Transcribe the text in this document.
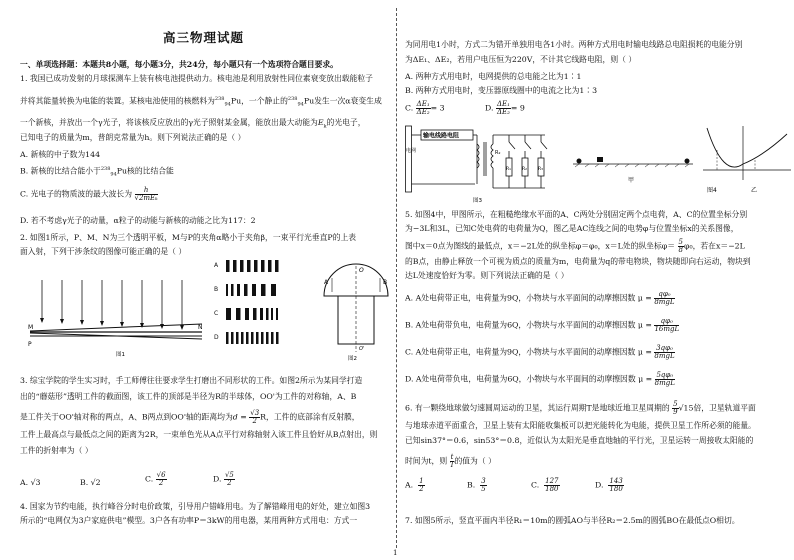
高三物理试题
一、单项选择题：本题共8小题，每小题3分，共24分，每小题只有一个选项符合题目要求。
1. 我国已成功发射的月球探测车上装有核电池提供动力。核电池是利用放射性同位素衰变放出载能粒子
并将其能量转换为电能的装置。某核电池使用的核燃料为$^{238}_{94}$Pu，一个静止的$^{238}_{94}$Pu发生一次α衰变生成
一个新核，并放出一个γ光子，将该核反应放出的γ光子照射某金属，能放出最大动能为$E_k$的光电子，
已知电子的质量为m，普朗克常量为h。则下列说法正确的是（ ）
A. 新核的中子数为144
B. 新核的比结合能小于$^{238}_{94}$Pu核的比结合能
C. 光电子的物质波的最大波长为 $\frac{h}{\text{√2mEₖ}}$
D. 若不考虑γ光子的动量，α粒子的动能与新核的动能之比为117：2
2. 如图1所示，P、M、N为三个透明平板，M与P的夹角α略小于夹角β，一束平行光垂直P的上表
面入射，下列干涉条纹的图像可能正确的是（ ）
M	N
P
图1
A
B
C
D
O
A	B
O'
图2
3. 综宝学院的学生实习时，手工师傅往往要求学生打磨出不同形状的工件。如图2所示为某同学打造
出的“蘑菇形”透明工件的截面图，该工件的顶部是半径为R的半球体，OO'为工件的对称轴，A、B
是工件关于OO'轴对称的两点，A、B两点到OO'轴的距离均为$d = \frac{√3}{2}$ R，工件的底部涂有反射膜，
工件上最高点与最低点之间的距离为2R，一束单色光从A点平行对称轴射入该工件且恰好从B点射出，则
工件的折射率为（ ）
A. √3	B. √2	C. $\frac{√6}{2}$	D. $\frac{√5}{2}$
4. 国家为节约电能，执行峰谷分时电价政策，引导用户错峰用电。为了解错峰用电的好处，建立如图3
所示的“电网仅为3户家庭供电”模型。3户各有功率P＝3kW的用电器，某用两种方式用电：方式一
为同用电1小时，方式二为错开单独用电各1小时。两种方式用电时输电线路总电阻损耗的电能分别
为ΔE₁、ΔE₂，若用户电压恒为220V，不计其它线路电阻，则（ ）
A. 两种方式用电时，电网提供的总电能之比为1∶1
B. 两种方式用电时，变压器原线圈中的电流之比为1∶3
C. $\frac{\text{ΔE₁}}{\text{ΔE₂}} = 3$	D. $\frac{\text{ΔE₁}}{\text{ΔE₂}} = 9$
电网
输电线路电阻
R₂
R₁ R₂ R₃
图3
甲
图4	乙
5. 如图4中，甲图所示，在粗糙绝缘水平面的A、C两处分别固定两个点电荷，A、C的位置坐标分别
为−3L和3L，已知C处电荷的电荷量为Q，图乙是AC连线之间的电势φ与位置坐标x的关系图像，
图中x＝0点为图线的最低点，x＝−2L处的纵坐标φ＝φ₀，x＝L处的纵坐标$\varphi= \frac{5}{8} \varphi_0$，若在x＝−2L
的B点，由静止释放一个可视为质点的质量为m，电荷量为q的带电物块，物块随即向右运动，物块到
达L处速度恰好为零。则下列说法正确的是（ ）
A. A处电荷带正电，电荷量为9Q，小物块与水平面间的动摩擦因数 $\mu = \frac{\text{qφ₀}}{\text{8mgL}}$
B. A处电荷带负电，电荷量为6Q，小物块与水平面间的动摩擦因数 $\mu = \frac{\text{qφ₀}}{\text{16mgL}}$
C. A处电荷带正电，电荷量为9Q，小物块与水平面间的动摩擦因数 $\mu = \frac{\text{3qφ₀}}{\text{8mgL}}$
D. A处电荷带负电，电荷量为6Q，小物块与水平面间的动摩擦因数 $\mu = \frac{\text{5qφ₀}}{\text{8mgL}}$
6. 有一颗绕地球做匀速圆周运动的卫星，其运行周期T是地球近地卫星周期的 $\frac{5}{9} √15$倍，卫星轨道平面
与地球赤道平面重合，卫星上装有太阳能收集板可以把光能转化为电能，提供卫星工作所必须的能量。
已知sin37°＝0.6，sin53°＝0.8，近似认为太阳光是垂直地轴的平行光，卫星运转一周接收太阳能的
时间为t，则 $\frac{t}{T}$ 的值为（ ）
A. $\frac{1}{2}$	B. $\frac{3}{5}$	C. $\frac{127}{180}$	D. $\frac{143}{180}$
7. 如图5所示，竖直平面内半径R₁＝10m的圆弧AO与半径R₂＝2.5m的圆弧BO在最低点O相切。
1
